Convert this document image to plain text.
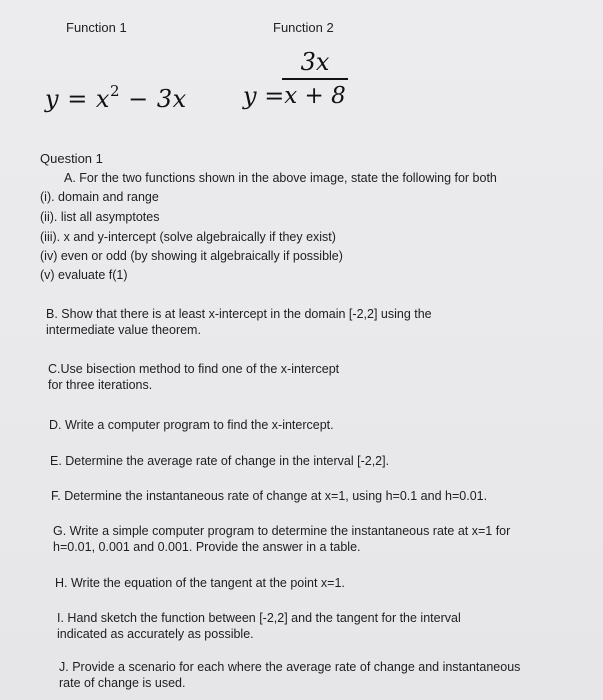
Function 1	Function 2
$y = x^2 - 3x$ y =
3x
x + 8
Question 1
A. For the two functions shown in the above image, state the following for both
(i). domain and range
(ii). list all asymptotes
(iii). x and y-intercept (solve algebraically if they exist)
(iv) even or odd (by showing it algebraically if possible)
(v) evaluate f(1)
B. Show that there is at least x-intercept in the domain [-2,2] using the
intermediate value theorem.
C.Use bisection method to find one of the x-intercept
for three iterations.
D. Write a computer program to find the x-intercept.
E. Determine the average rate of change in the interval [-2,2].
F. Determine the instantaneous rate of change at x=1, using h=0.1 and h=0.01.
G. Write a simple computer program to determine the instantaneous rate at x=1 for
h=0.01, 0.001 and 0.001. Provide the answer in a table.
H. Write the equation of the tangent at the point x=1.
I. Hand sketch the function between [-2,2] and the tangent for the interval
indicated as accurately as possible.
J. Provide a scenario for each where the average rate of change and instantaneous
rate of change is used.
